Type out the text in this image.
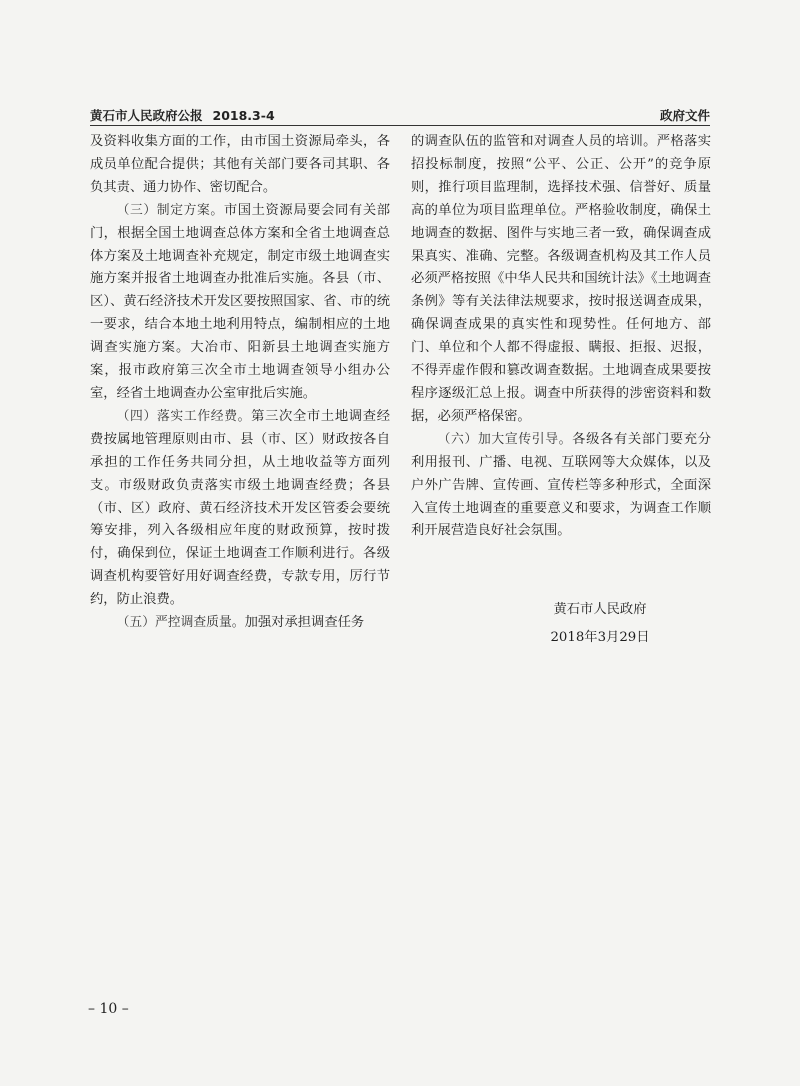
黄石市人民政府公报 2018.3-4	政府文件

及资料收集方面的工作，由市国土资源局牵头，各成员单位配合提供；其他有关部门要各司其职、各负其责、通力协作、密切配合。

（三）制定方案。市国土资源局要会同有关部门，根据全国土地调查总体方案和全省土地调查总体方案及土地调查补充规定，制定市级土地调查实施方案并报省土地调查办批准后实施。各县（市、区）、黄石经济技术开发区要按照国家、省、市的统一要求，结合本地土地利用特点，编制相应的土地调查实施方案。大冶市、阳新县土地调查实施方案，报市政府第三次全市土地调查领导小组办公室，经省土地调查办公室审批后实施。

（四）落实工作经费。第三次全市土地调查经费按属地管理原则由市、县（市、区）财政按各自承担的工作任务共同分担，从土地收益等方面列支。市级财政负责落实市级土地调查经费；各县（市、区）政府、黄石经济技术开发区管委会要统筹安排，列入各级相应年度的财政预算，按时拨付，确保到位，保证土地调查工作顺利进行。各级调查机构要管好用好调查经费，专款专用，厉行节约，防止浪费。

（五）严控调查质量。加强对承担调查任务

的调查队伍的监管和对调查人员的培训。严格落实招投标制度，按照“公平、公正、公开”的竞争原则，推行项目监理制，选择技术强、信誉好、质量高的单位为项目监理单位。严格验收制度，确保土地调查的数据、图件与实地三者一致，确保调查成果真实、准确、完整。各级调查机构及其工作人员必须严格按照《中华人民共和国统计法》《土地调查条例》等有关法律法规要求，按时报送调查成果，确保调查成果的真实性和现势性。任何地方、部门、单位和个人都不得虚报、瞒报、拒报、迟报，不得弄虚作假和篡改调查数据。土地调查成果要按程序逐级汇总上报。调查中所获得的涉密资料和数据，必须严格保密。

（六）加大宣传引导。各级各有关部门要充分利用报刊、广播、电视、互联网等大众媒体，以及户外广告牌、宣传画、宣传栏等多种形式，全面深入宣传土地调查的重要意义和要求，为调查工作顺利开展营造良好社会氛围。

黄石市人民政府
2018年3月29日
– 10 –
